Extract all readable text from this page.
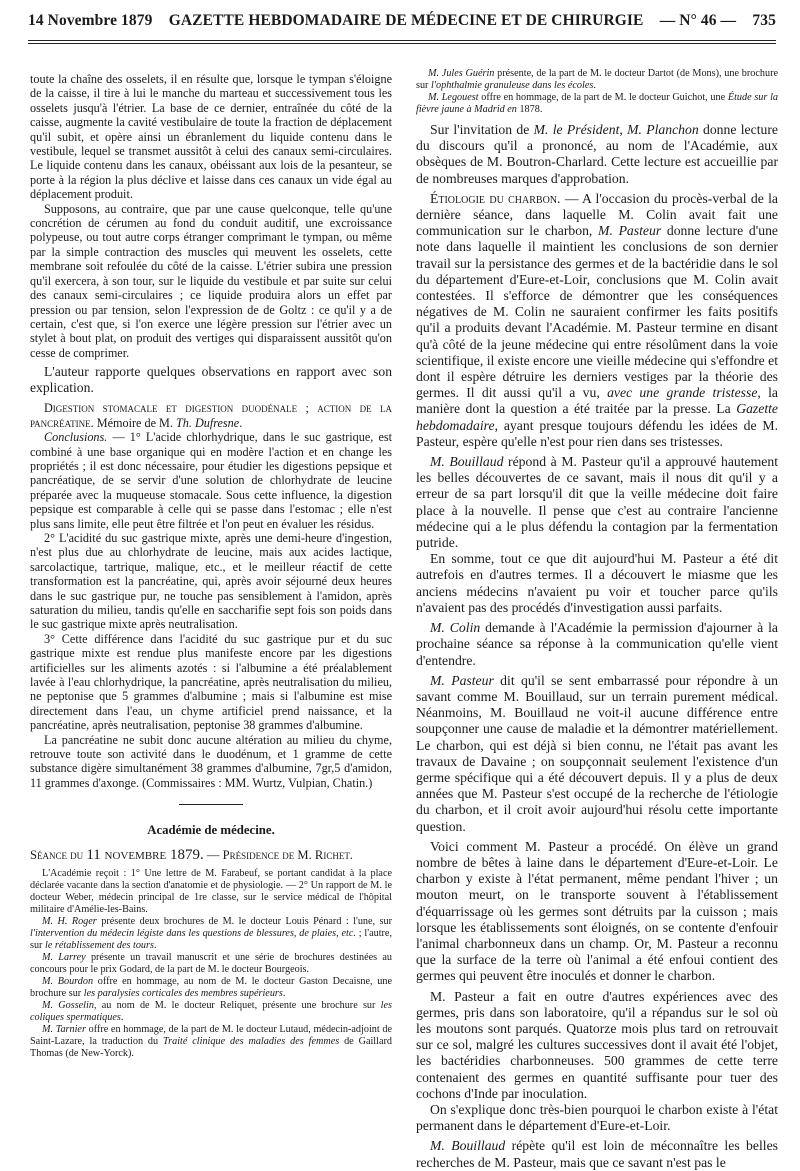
14 Novembre 1879 GAZETTE HEBDOMADAIRE DE MÉDECINE ET DE CHIRURGIE — N° 46 — 735

toute la chaîne des osselets, il en résulte que, lorsque le tympan s'éloigne de la caisse, il tire à lui le manche du marteau et successivement tous les osselets jusqu'à l'étrier. La base de ce dernier, entraînée du côté de la caisse, augmente la cavité vestibulaire de toute la fraction de déplacement qu'il subit, et opère ainsi un ébranlement du liquide contenu dans le vestibule, lequel se transmet aussitôt à celui des canaux semi-circulaires. Le liquide contenu dans les canaux, obéissant aux lois de la pesanteur, se porte à la région la plus déclive et laisse dans ces canaux un vide égal au déplacement produit.

Supposons, au contraire, que par une cause quelconque, telle qu'une concrétion de cérumen au fond du conduit auditif, une excroissance polypeuse, ou tout autre corps étranger comprimant le tympan, ou même par la simple contraction des muscles qui meuvent les osselets, cette membrane soit refoulée du côté de la caisse. L'étrier subira une pression qu'il exercera, à son tour, sur le liquide du vestibule et par suite sur celui des canaux semi-circulaires ; ce liquide produira alors un effet par pression ou par tension, selon l'expression de de Goltz : ce qu'il y a de certain, c'est que, si l'on exerce une légère pression sur l'étrier avec un stylet à bout plat, on produit des vertiges qui disparaissent aussitôt qu'on cesse de comprimer.

L'auteur rapporte quelques observations en rapport avec son explication.

Digestion stomacale et digestion duodénale ; action de la pancréatine. Mémoire de M. Th. Dufresne.

Conclusions. — 1° L'acide chlorhydrique, dans le suc gastrique, est combiné à une base organique qui en modère l'action et en change les propriétés ; il est donc nécessaire, pour étudier les digestions pepsique et pancréatique, de se servir d'une solution de chlorhydrate de leucine préparée avec la muqueuse stomacale. Sous cette influence, la digestion pepsique est comparable à celle qui se passe dans l'estomac ; elle n'est plus sans limite, elle peut être filtrée et l'on peut en évaluer les résidus.

2° L'acidité du suc gastrique mixte, après une demi-heure d'ingestion, n'est plus due au chlorhydrate de leucine, mais aux acides lactique, sarcolactique, tartrique, malique, etc., et le meilleur réactif de cette transformation est la pancréatine, qui, après avoir séjourné deux heures dans le suc gastrique pur, ne touche pas sensiblement à l'amidon, après saturation du milieu, tandis qu'elle en saccharifie sept fois son poids dans le suc gastrique mixte après neutralisation.

3° Cette différence dans l'acidité du suc gastrique pur et du suc gastrique mixte est rendue plus manifeste encore par les digestions artificielles sur les aliments azotés : si l'albumine a été préalablement lavée à l'eau chlorhydrique, la pancréatine, après neutralisation du milieu, ne peptonise que 5 grammes d'albumine ; mais si l'albumine est mise directement dans l'eau, un chyme artificiel prend naissance, et la pancréatine, après neutralisation, peptonise 38 grammes d'albumine.

La pancréatine ne subit donc aucune altération au milieu du chyme, retrouve toute son activité dans le duodénum, et 1 gramme de cette substance digère simultanément 38 grammes d'albumine, 7gr,5 d'amidon, 11 grammes d'axonge. (Commissaires : MM. Wurtz, Vulpian, Chatin.)

Académie de médecine.

Séance du 11 novembre 1879. — Présidence de M. Richet.

L'Académie reçoit : 1° Une lettre de M. Farabeuf, se portant candidat à la place déclarée vacante dans la section d'anatomie et de physiologie. — 2° Un rapport de M. le docteur Weber, médecin principal de 1re classe, sur le service médical de l'hôpital militaire d'Amélie-les-Bains.

M. H. Roger présente deux brochures de M. le docteur Louis Pénard : l'une, sur l'intervention du médecin légiste dans les questions de blessures, de plaies, etc. ; l'autre, sur le rétablissement des tours.

M. Larrey présente un travail manuscrit et une série de brochures destinées au concours pour le prix Godard, de la part de M. le docteur Bourgeois.

M. Bourdon offre en hommage, au nom de M. le docteur Gaston Decaisne, une brochure sur les paralysies corticales des membres supérieurs.

M. Gosselin, au nom de M. le docteur Reliquet, présente une brochure sur les coliques spermatiques.

M. Tarnier offre en hommage, de la part de M. le docteur Lutaud, médecin-adjoint de Saint-Lazare, la traduction du Traité clinique des maladies des femmes de Gaillard Thomas (de New-Yorck).

M. Jules Guérin présente, de la part de M. le docteur Dartot (de Mons), une brochure sur l'ophthalmie granuleuse dans les écoles.

M. Legouest offre en hommage, de la part de M. le docteur Guichot, une Étude sur la fièvre jaune à Madrid en 1878.

Sur l'invitation de M. le Président, M. Planchon donne lecture du discours qu'il a prononcé, au nom de l'Académie, aux obsèques de M. Boutron-Charlard. Cette lecture est accueillie par de nombreuses marques d'approbation.

Étiologie du charbon. — A l'occasion du procès-verbal de la dernière séance, dans laquelle M. Colin avait fait une communication sur le charbon, M. Pasteur donne lecture d'une note dans laquelle il maintient les conclusions de son dernier travail sur la persistance des germes et de la bactéridie dans le sol du département d'Eure-et-Loir, conclusions que M. Colin avait contestées. Il s'efforce de démontrer que les conséquences négatives de M. Colin ne sauraient confirmer les faits positifs qu'il a produits devant l'Académie. M. Pasteur termine en disant qu'à côté de la jeune médecine qui entre résolûment dans la voie scientifique, il existe encore une vieille médecine qui s'effondre et dont il espère détruire les derniers vestiges par la théorie des germes. Il dit aussi qu'il a vu, avec une grande tristesse, la manière dont la question a été traitée par la presse. La Gazette hebdomadaire, ayant presque toujours défendu les idées de M. Pasteur, espère qu'elle n'est pour rien dans ses tristesses.

M. Bouillaud répond à M. Pasteur qu'il a approuvé hautement les belles découvertes de ce savant, mais il nous dit qu'il y a erreur de sa part lorsqu'il dit que la veille médecine doit faire place à la nouvelle. Il pense que c'est au contraire l'ancienne médecine qui a le plus défendu la contagion par la fermentation putride.

En somme, tout ce que dit aujourd'hui M. Pasteur a été dit autrefois en d'autres termes. Il a découvert le miasme que les anciens médecins n'avaient pu voir et toucher parce qu'ils n'avaient pas des procédés d'investigation aussi parfaits.

M. Colin demande à l'Académie la permission d'ajourner à la prochaine séance sa réponse à la communication qu'elle vient d'entendre.

M. Pasteur dit qu'il se sent embarrassé pour répondre à un savant comme M. Bouillaud, sur un terrain purement médical. Néanmoins, M. Bouillaud ne voit-il aucune différence entre soupçonner une cause de maladie et la démontrer matériellement. Le charbon, qui est déjà si bien connu, ne l'était pas avant les travaux de Davaine ; on soupçonnait seulement l'existence d'un germe spécifique qui a été découvert depuis. Il y a plus de deux années que M. Pasteur s'est occupé de la recherche de l'étiologie du charbon, et il croit avoir aujourd'hui résolu cette importante question.

Voici comment M. Pasteur a procédé. On élève un grand nombre de bêtes à laine dans le département d'Eure-et-Loir. Le charbon y existe à l'état permanent, même pendant l'hiver ; un mouton meurt, on le transporte souvent à l'établissement d'équarrissage où les germes sont détruits par la cuisson ; mais lorsque les établissements sont éloignés, on se contente d'enfouir l'animal charbonneux dans un champ. Or, M. Pasteur a reconnu que la surface de la terre où l'animal a été enfoui contient des germes qui peuvent être inoculés et donner le charbon.

M. Pasteur a fait en outre d'autres expériences avec des germes, pris dans son laboratoire, qu'il a répandus sur le sol où les moutons sont parqués. Quatorze mois plus tard on retrouvait sur ce sol, malgré les cultures successives dont il avait été l'objet, les bactéridies charbonneuses. 500 grammes de cette terre contenaient des germes en quantité suffisante pour tuer des cochons d'Inde par inoculation.

On s'explique donc très-bien pourquoi le charbon existe à l'état permanent dans le département d'Eure-et-Loir.

M. Bouillaud répète qu'il est loin de méconnaître les belles recherches de M. Pasteur, mais que ce savant n'est pas le
